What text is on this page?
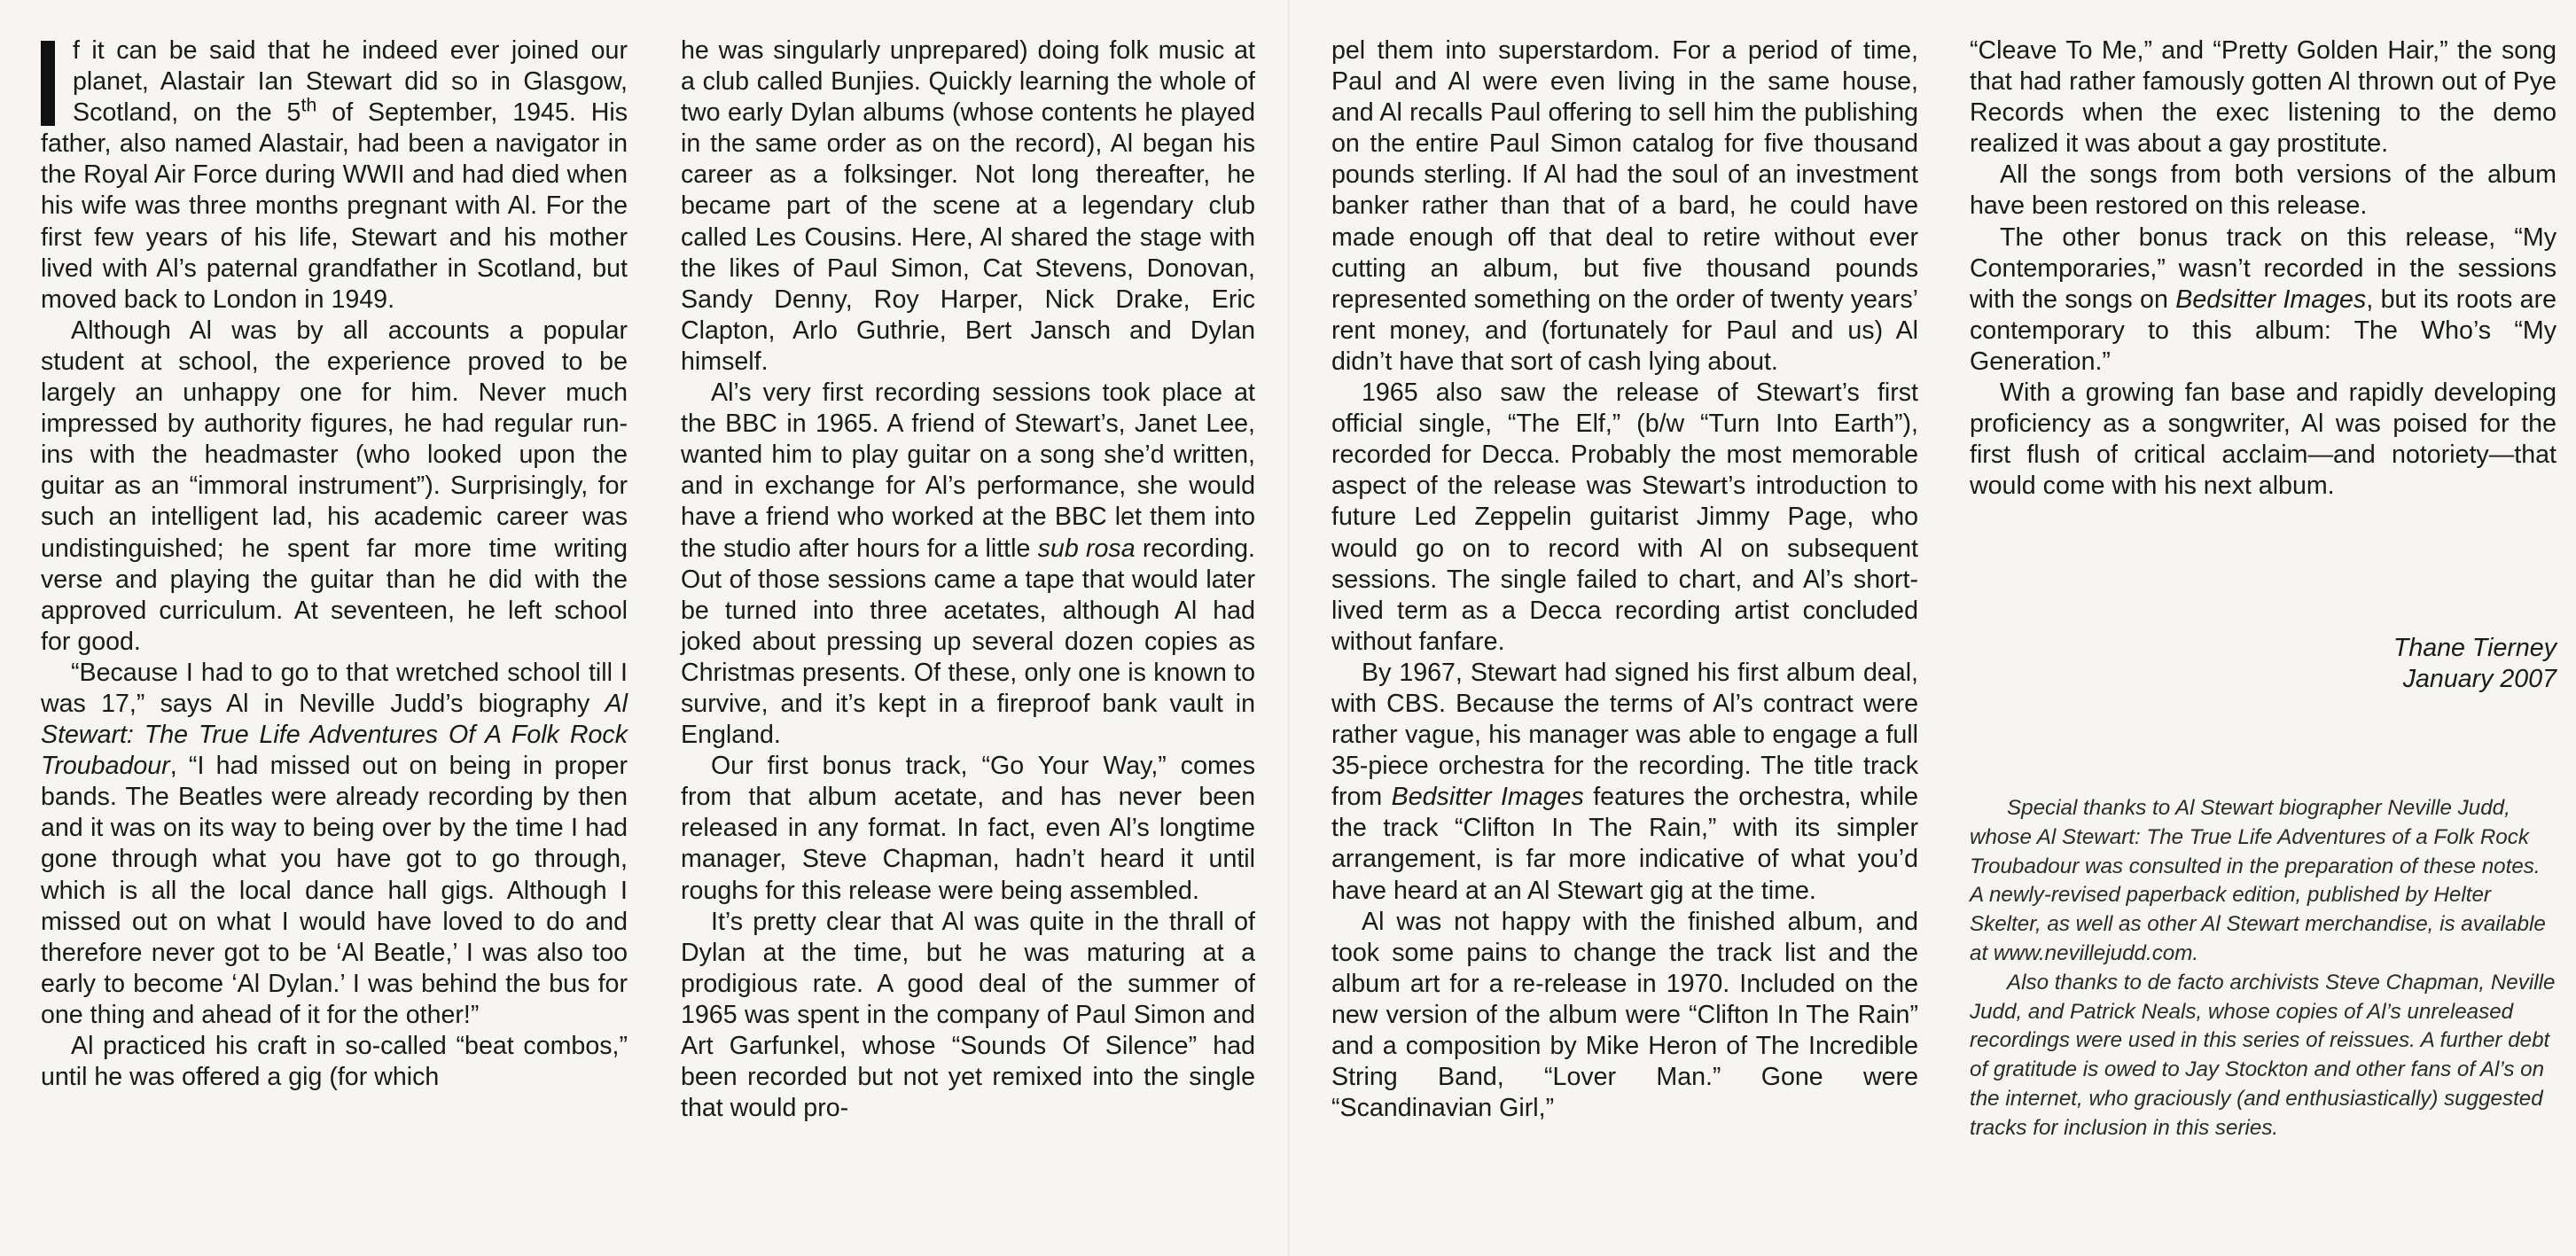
f it can be said that he indeed ever joined our planet, Alastair Ian Stewart did so in Glasgow, Scotland, on the 5th of September, 1945. His father, also named Alastair, had been a navigator in the Royal Air Force during WWII and had died when his wife was three months pregnant with Al. For the first few years of his life, Stewart and his mother lived with Al’s paternal grandfather in Scotland, but moved back to London in 1949.

Although Al was by all accounts a popular student at school, the experience proved to be largely an unhappy one for him. Never much impressed by authority figures, he had regular run-ins with the headmaster (who looked upon the guitar as an “immoral instrument”). Surprisingly, for such an intelligent lad, his academic career was undistinguished; he spent far more time writing verse and playing the guitar than he did with the approved curriculum. At seventeen, he left school for good.

“Because I had to go to that wretched school till I was 17,” says Al in Neville Judd’s biography Al Stewart: The True Life Adventures Of A Folk Rock Troubadour, “I had missed out on being in proper bands. The Beatles were already recording by then and it was on its way to being over by the time I had gone through what you have got to go through, which is all the local dance hall gigs. Although I missed out on what I would have loved to do and therefore never got to be ‘Al Beatle,’ I was also too early to become ‘Al Dylan.’ I was behind the bus for one thing and ahead of it for the other!”

Al practiced his craft in so-called “beat combos,” until he was offered a gig (for which

he was singularly unprepared) doing folk music at a club called Bunjies. Quickly learning the whole of two early Dylan albums (whose contents he played in the same order as on the record), Al began his career as a folksinger. Not long thereafter, he became part of the scene at a legendary club called Les Cousins. Here, Al shared the stage with the likes of Paul Simon, Cat Stevens, Donovan, Sandy Denny, Roy Harper, Nick Drake, Eric Clapton, Arlo Guthrie, Bert Jansch and Dylan himself.

Al’s very first recording sessions took place at the BBC in 1965. A friend of Stewart’s, Janet Lee, wanted him to play guitar on a song she’d written, and in exchange for Al’s performance, she would have a friend who worked at the BBC let them into the studio after hours for a little sub rosa recording. Out of those sessions came a tape that would later be turned into three acetates, although Al had joked about pressing up several dozen copies as Christmas presents. Of these, only one is known to survive, and it’s kept in a fireproof bank vault in England.

Our first bonus track, “Go Your Way,” comes from that album acetate, and has never been released in any format. In fact, even Al’s longtime manager, Steve Chapman, hadn’t heard it until roughs for this release were being assembled.

It’s pretty clear that Al was quite in the thrall of Dylan at the time, but he was maturing at a prodigious rate. A good deal of the summer of 1965 was spent in the company of Paul Simon and Art Garfunkel, whose “Sounds Of Silence” had been recorded but not yet remixed into the single that would pro-

pel them into superstardom. For a period of time, Paul and Al were even living in the same house, and Al recalls Paul offering to sell him the publishing on the entire Paul Simon catalog for five thousand pounds sterling. If Al had the soul of an investment banker rather than that of a bard, he could have made enough off that deal to retire without ever cutting an album, but five thousand pounds represented something on the order of twenty years’ rent money, and (fortunately for Paul and us) Al didn’t have that sort of cash lying about.

1965 also saw the release of Stewart’s first official single, “The Elf,” (b/w “Turn Into Earth”), recorded for Decca. Probably the most memorable aspect of the release was Stewart’s introduction to future Led Zeppelin guitarist Jimmy Page, who would go on to record with Al on subsequent sessions. The single failed to chart, and Al’s short-lived term as a Decca recording artist concluded without fanfare.

By 1967, Stewart had signed his first album deal, with CBS. Because the terms of Al’s contract were rather vague, his manager was able to engage a full 35-piece orchestra for the recording. The title track from Bedsitter Images features the orchestra, while the track “Clifton In The Rain,” with its simpler arrangement, is far more indicative of what you’d have heard at an Al Stewart gig at the time.

Al was not happy with the finished album, and took some pains to change the track list and the album art for a re-release in 1970. Included on the new version of the album were “Clifton In The Rain” and a composition by Mike Heron of The Incredible String Band, “Lover Man.” Gone were “Scandinavian Girl,”

“Cleave To Me,” and “Pretty Golden Hair,” the song that had rather famously gotten Al thrown out of Pye Records when the exec listening to the demo realized it was about a gay prostitute.

All the songs from both versions of the album have been restored on this release.

The other bonus track on this release, “My Contemporaries,” wasn’t recorded in the sessions with the songs on Bedsitter Images, but its roots are contemporary to this album: The Who’s “My Generation.”

With a growing fan base and rapidly developing proficiency as a songwriter, Al was poised for the first flush of critical acclaim—and notoriety—that would come with his next album.

Thane Tierney
January 2007

Special thanks to Al Stewart biographer Neville Judd, whose Al Stewart: The True Life Adventures of a Folk Rock Troubadour was consulted in the preparation of these notes. A newly-revised paperback edition, published by Helter Skelter, as well as other Al Stewart merchandise, is available at www.nevillejudd.com.

Also thanks to de facto archivists Steve Chapman, Neville Judd, and Patrick Neals, whose copies of Al’s unreleased recordings were used in this series of reissues. A further debt of gratitude is owed to Jay Stockton and other fans of Al’s on the internet, who graciously (and enthusiastically) suggested tracks for inclusion in this series.
